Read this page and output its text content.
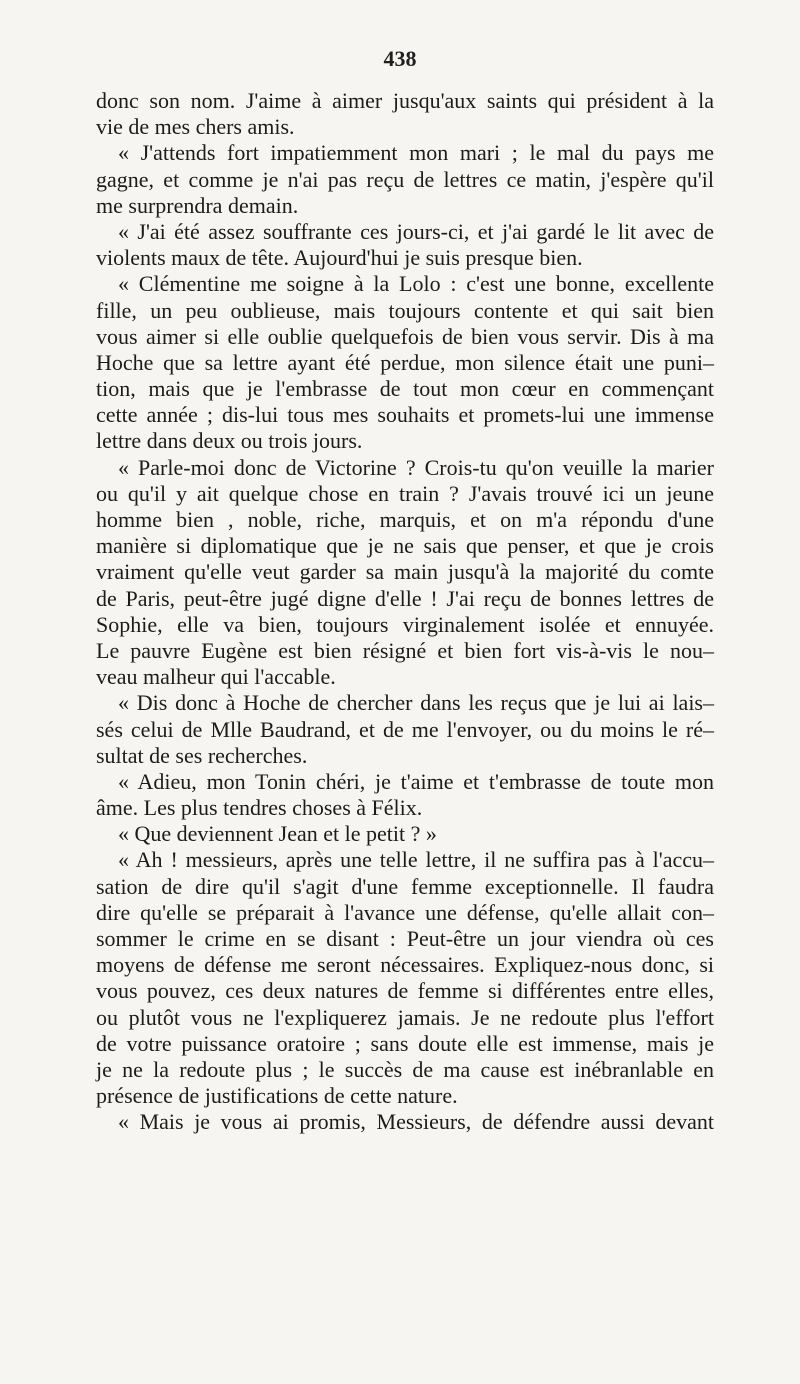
438
donc son nom. J'aime à aimer jusqu'aux saints qui président à la
vie de mes chers amis.
« J'attends fort impatiemment mon mari ; le mal du pays me
gagne, et comme je n'ai pas reçu de lettres ce matin, j'espère qu'il
me surprendra demain.
« J'ai été assez souffrante ces jours-ci, et j'ai gardé le lit avec de
violents maux de tête. Aujourd'hui je suis presque bien.
« Clémentine me soigne à la Lolo : c'est une bonne, excellente
fille, un peu oublieuse, mais toujours contente et qui sait bien
vous aimer si elle oublie quelquefois de bien vous servir. Dis à ma
Hoche que sa lettre ayant été perdue, mon silence était une puni–
tion, mais que je l'embrasse de tout mon cœur en commençant
cette année ; dis-lui tous mes souhaits et promets-lui une immense
lettre dans deux ou trois jours.
« Parle-moi donc de Victorine ? Crois-tu qu'on veuille la marier
ou qu'il y ait quelque chose en train ? J'avais trouvé ici un jeune
homme bien , noble, riche, marquis, et on m'a répondu d'une
manière si diplomatique que je ne sais que penser, et que je crois
vraiment qu'elle veut garder sa main jusqu'à la majorité du comte
de Paris, peut-être jugé digne d'elle ! J'ai reçu de bonnes lettres de
Sophie, elle va bien, toujours virginalement isolée et ennuyée.
Le pauvre Eugène est bien résigné et bien fort vis-à-vis le nou–
veau malheur qui l'accable.
« Dis donc à Hoche de chercher dans les reçus que je lui ai lais–
sés celui de Mlle Baudrand, et de me l'envoyer, ou du moins le ré–
sultat de ses recherches.
« Adieu, mon Tonin chéri, je t'aime et t'embrasse de toute mon
âme. Les plus tendres choses à Félix.
« Que deviennent Jean et le petit ? »
« Ah ! messieurs, après une telle lettre, il ne suffira pas à l'accu–
sation de dire qu'il s'agit d'une femme exceptionnelle. Il faudra
dire qu'elle se préparait à l'avance une défense, qu'elle allait con–
sommer le crime en se disant : Peut-être un jour viendra où ces
moyens de défense me seront nécessaires. Expliquez-nous donc, si
vous pouvez, ces deux natures de femme si différentes entre elles,
ou plutôt vous ne l'expliquerez jamais. Je ne redoute plus l'effort
de votre puissance oratoire ; sans doute elle est immense, mais je
je ne la redoute plus ; le succès de ma cause est inébranlable en
présence de justifications de cette nature.
« Mais je vous ai promis, Messieurs, de défendre aussi devant
